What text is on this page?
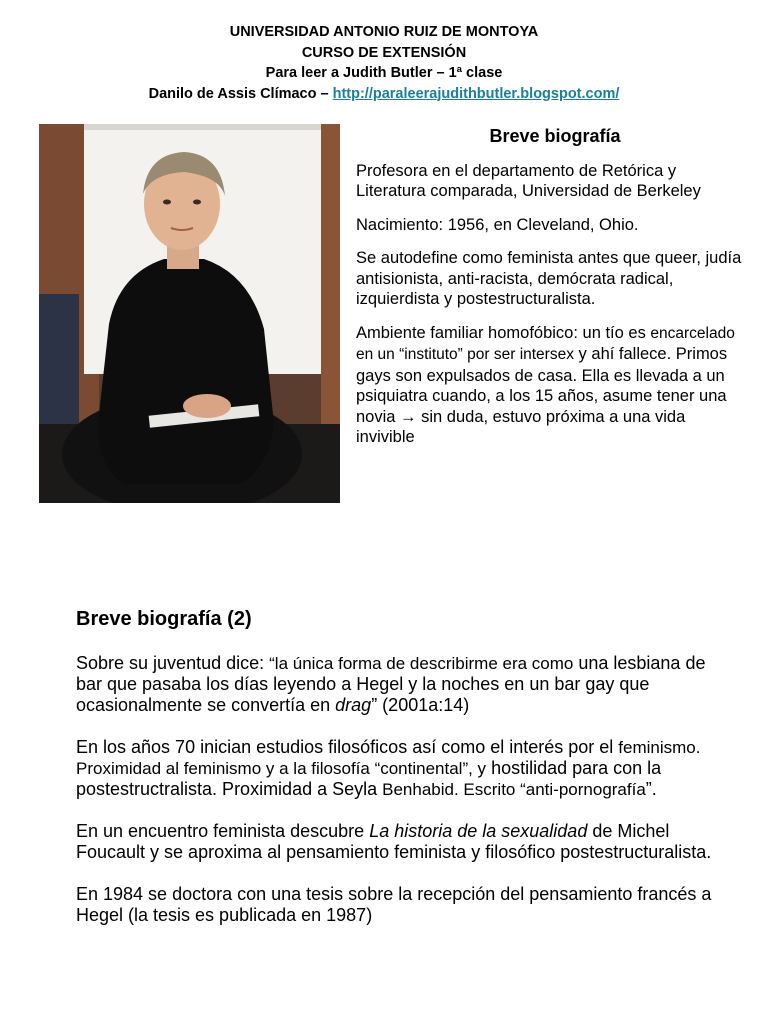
UNIVERSIDAD ANTONIO RUIZ DE MONTOYA
CURSO DE EXTENSIÓN
Para leer a Judith Butler – 1ª clase
Danilo de Assis Clímaco – http://paraleerajudithbutler.blogspot.com/
Breve biografía

Profesora en el departamento de Retórica y Literatura comparada, Universidad de Berkeley

Nacimiento: 1956, en Cleveland, Ohio.

Se autodefine como feminista antes que queer, judía antisionista, anti-racista, demócrata radical, izquierdista y postestructuralista.

Ambiente familiar homofóbico: un tío es encarcelado en un “instituto” por ser intersex y ahí fallece. Primos gays son expulsados de casa. Ella es llevada a un psiquiatra cuando, a los 15 años, asume tener una novia → sin duda, estuvo próxima a una vida invivible

Breve biografía (2)

Sobre su juventud dice: “la única forma de describirme era como una lesbiana de bar que pasaba los días leyendo a Hegel y la noches en un bar gay que ocasionalmente se convertía en drag” (2001a:14)

En los años 70 inician estudios filosóficos así como el interés por el feminismo. Proximidad al feminismo y a la filosofía “continental”, y hostilidad para con la postestructralista. Proximidad a Seyla Benhabid. Escrito “anti-pornografía”.

En un encuentro feminista descubre La historia de la sexualidad de Michel Foucault y se aproxima al pensamiento feminista y filosófico postestructuralista.

En 1984 se doctora con una tesis sobre la recepción del pensamiento francés a Hegel (la tesis es publicada en 1987)
